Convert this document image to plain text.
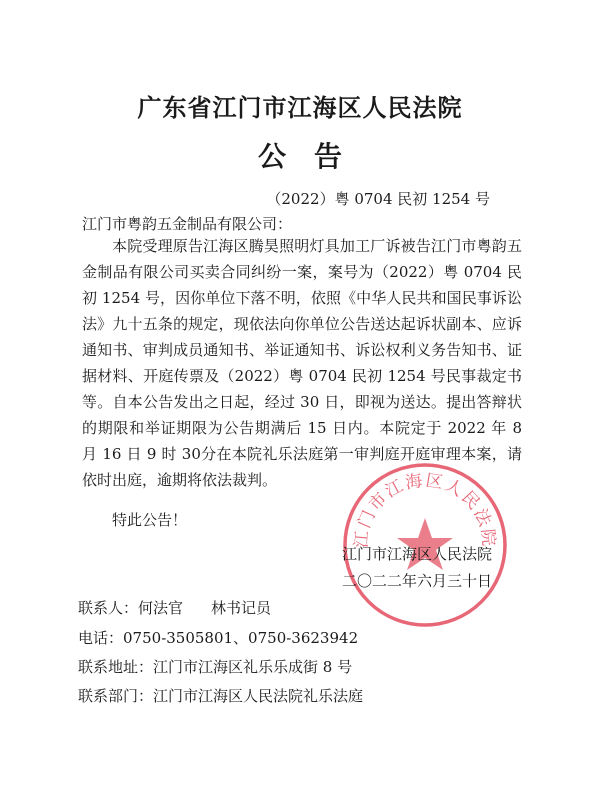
广东省江门市江海区人民法院
公告
（2022）粤 0704 民初 1254 号
江门市粤韵五金制品有限公司：

本院受理原告江海区腾昊照明灯具加工厂诉被告江门市粤韵五金制品有限公司买卖合同纠纷一案，案号为（2022）粤 0704 民初 1254 号，因你单位下落不明，依照《中华人民共和国民事诉讼法》九十五条的规定，现依法向你单位公告送达起诉状副本、应诉通知书、审判成员通知书、举证通知书、诉讼权利义务告知书、证据材料、开庭传票及（2022）粤 0704 民初 1254 号民事裁定书等。自本公告发出之日起，经过 30 日，即视为送达。提出答辩状的期限和举证期限为公告期满后 15 日内。本院定于 2022 年 8 月 16 日 9 时 30分在本院礼乐法庭第一审判庭开庭审理本案，请依时出庭，逾期将依法裁判。

特此公告！
江门市江海区人民法院
江门市江海区人民法院
二〇二二年六月三十日
联系人：何法官 林书记员
电话：0750-3505801、0750-3623942
联系地址：江门市江海区礼乐乐成街 8 号
联系部门：江门市江海区人民法院礼乐法庭
